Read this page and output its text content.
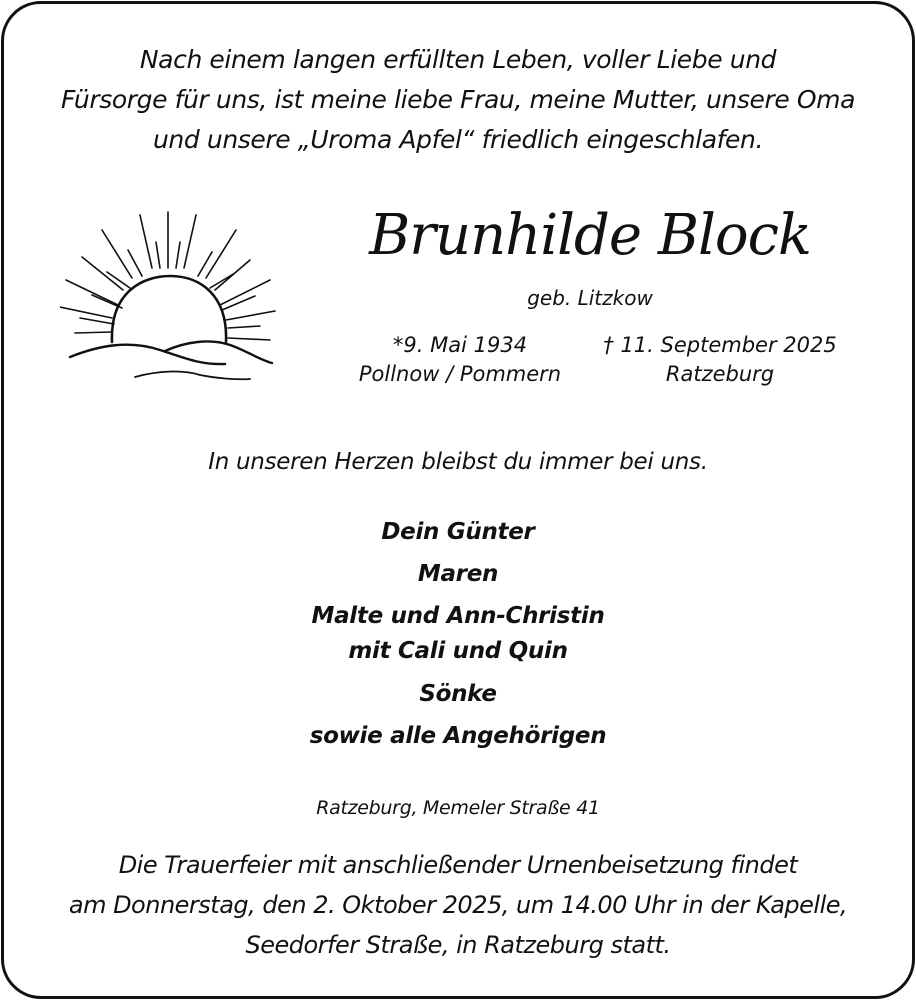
Nach einem langen erfüllten Leben, voller Liebe und
Fürsorge für uns, ist meine liebe Frau, meine Mutter, unsere Oma
und unsere „Uroma Apfel“ friedlich eingeschlafen.
Brunhilde Block
geb. Litzkow
*9. Mai 1934
Pollnow / Pommern
† 11. September 2025
Ratzeburg
In unseren Herzen bleibst du immer bei uns.
Dein Günter
Maren
Malte und Ann-Christin
mit Cali und Quin
Sönke
sowie alle Angehörigen
Ratzeburg, Memeler Straße 41
Die Trauerfeier mit anschließender Urnenbeisetzung findet
am Donnerstag, den 2. Oktober 2025, um 14.00 Uhr in der Kapelle,
Seedorfer Straße, in Ratzeburg statt.
